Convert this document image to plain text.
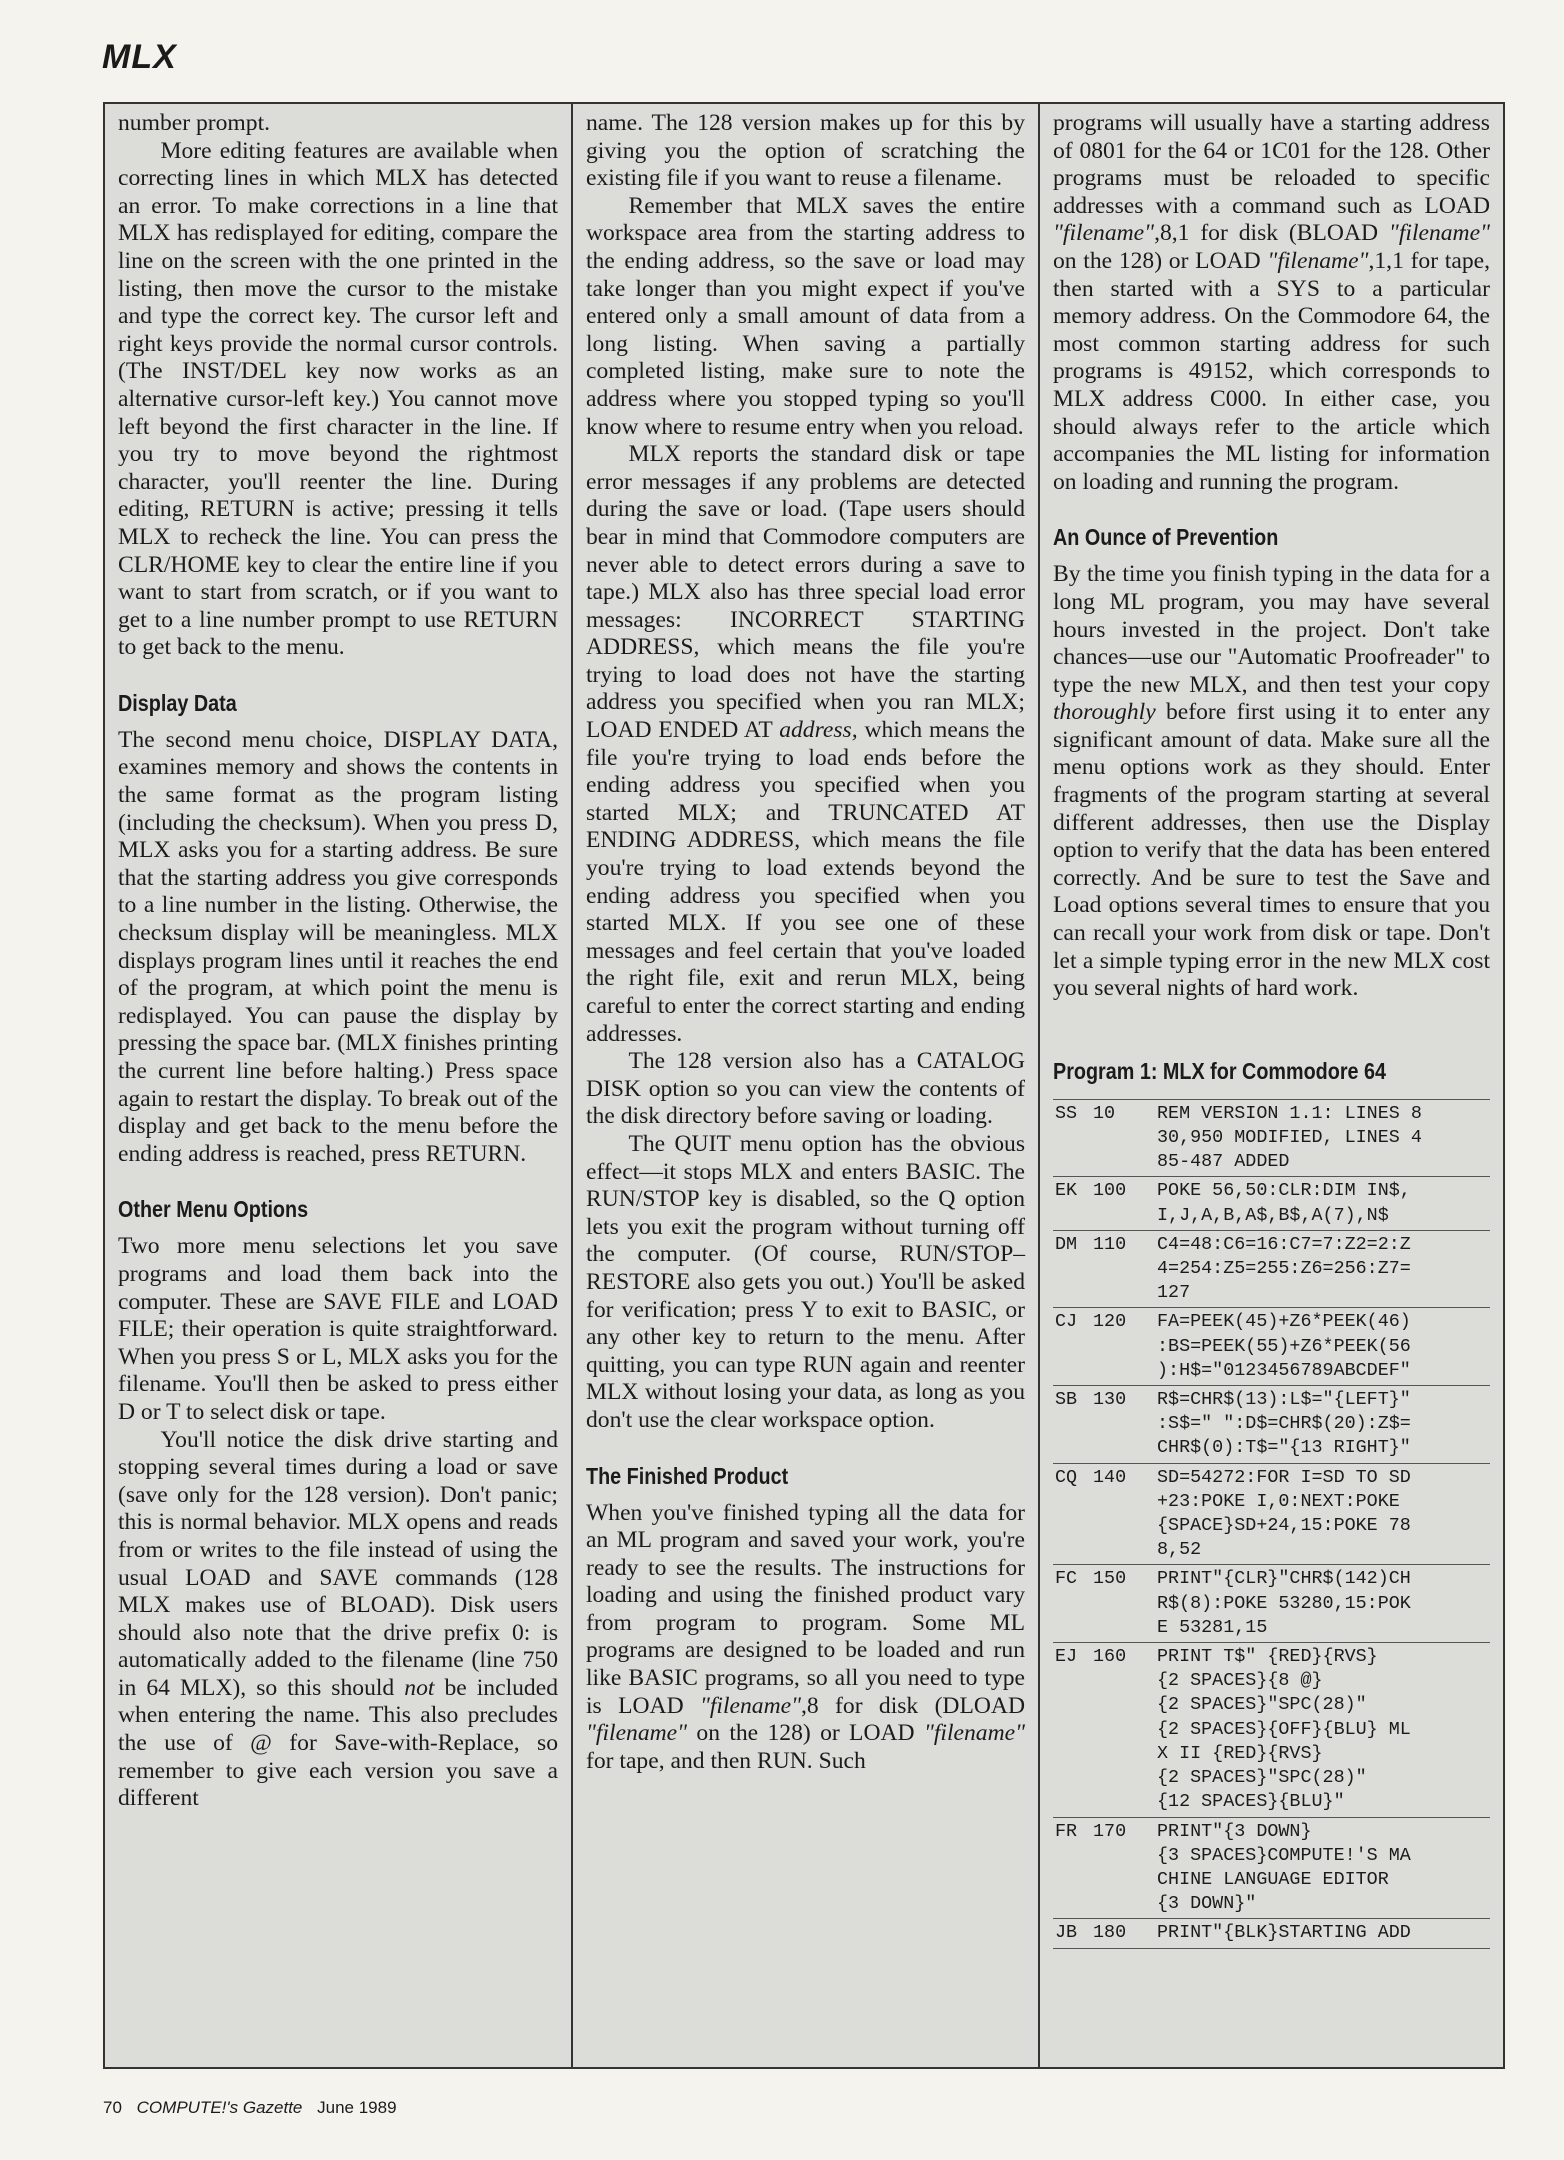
MLX

number prompt.

More editing features are available when correcting lines in which MLX has detected an error. To make corrections in a line that MLX has redisplayed for editing, compare the line on the screen with the one printed in the listing, then move the cursor to the mistake and type the correct key. The cursor left and right keys provide the normal cursor controls. (The INST/DEL key now works as an alternative cursor-left key.) You cannot move left beyond the first character in the line. If you try to move beyond the rightmost character, you'll reenter the line. During editing, RETURN is active; pressing it tells MLX to recheck the line. You can press the CLR/HOME key to clear the entire line if you want to start from scratch, or if you want to get to a line number prompt to use RETURN to get back to the menu.

Display Data

The second menu choice, DISPLAY DATA, examines memory and shows the contents in the same format as the program listing (including the checksum). When you press D, MLX asks you for a starting address. Be sure that the starting address you give corresponds to a line number in the listing. Otherwise, the checksum display will be meaningless. MLX displays program lines until it reaches the end of the program, at which point the menu is redisplayed. You can pause the display by pressing the space bar. (MLX finishes printing the current line before halting.) Press space again to restart the display. To break out of the display and get back to the menu before the ending address is reached, press RETURN.

Other Menu Options

Two more menu selections let you save programs and load them back into the computer. These are SAVE FILE and LOAD FILE; their operation is quite straightforward. When you press S or L, MLX asks you for the filename. You'll then be asked to press either D or T to select disk or tape.

You'll notice the disk drive starting and stopping several times during a load or save (save only for the 128 version). Don't panic; this is normal behavior. MLX opens and reads from or writes to the file instead of using the usual LOAD and SAVE commands (128 MLX makes use of BLOAD). Disk users should also note that the drive prefix 0: is automatically added to the filename (line 750 in 64 MLX), so this should not be included when entering the name. This also precludes the use of @ for Save-with-Replace, so remember to give each version you save a different

name. The 128 version makes up for this by giving you the option of scratching the existing file if you want to reuse a filename.

Remember that MLX saves the entire workspace area from the starting address to the ending address, so the save or load may take longer than you might expect if you've entered only a small amount of data from a long listing. When saving a partially completed listing, make sure to note the address where you stopped typing so you'll know where to resume entry when you reload.

MLX reports the standard disk or tape error messages if any problems are detected during the save or load. (Tape users should bear in mind that Commodore computers are never able to detect errors during a save to tape.) MLX also has three special load error messages: INCORRECT STARTING ADDRESS, which means the file you're trying to load does not have the starting address you specified when you ran MLX; LOAD ENDED AT address, which means the file you're trying to load ends before the ending address you specified when you started MLX; and TRUNCATED AT ENDING ADDRESS, which means the file you're trying to load extends beyond the ending address you specified when you started MLX. If you see one of these messages and feel certain that you've loaded the right file, exit and rerun MLX, being careful to enter the correct starting and ending addresses.

The 128 version also has a CATALOG DISK option so you can view the contents of the disk directory before saving or loading.

The QUIT menu option has the obvious effect—it stops MLX and enters BASIC. The RUN/STOP key is disabled, so the Q option lets you exit the program without turning off the computer. (Of course, RUN/STOP–RESTORE also gets you out.) You'll be asked for verification; press Y to exit to BASIC, or any other key to return to the menu. After quitting, you can type RUN again and reenter MLX without losing your data, as long as you don't use the clear workspace option.

The Finished Product

When you've finished typing all the data for an ML program and saved your work, you're ready to see the results. The instructions for loading and using the finished product vary from program to program. Some ML programs are designed to be loaded and run like BASIC programs, so all you need to type is LOAD "filename",8 for disk (DLOAD "filename" on the 128) or LOAD "filename" for tape, and then RUN. Such

programs will usually have a starting address of 0801 for the 64 or 1C01 for the 128. Other programs must be reloaded to specific addresses with a command such as LOAD "filename",8,1 for disk (BLOAD "filename" on the 128) or LOAD "filename",1,1 for tape, then started with a SYS to a particular memory address. On the Commodore 64, the most common starting address for such programs is 49152, which corresponds to MLX address C000. In either case, you should always refer to the article which accompanies the ML listing for information on loading and running the program.

An Ounce of Prevention

By the time you finish typing in the data for a long ML program, you may have several hours invested in the project. Don't take chances—use our "Automatic Proofreader" to type the new MLX, and then test your copy thoroughly before first using it to enter any significant amount of data. Make sure all the menu options work as they should. Enter fragments of the program starting at several different addresses, then use the Display option to verify that the data has been entered correctly. And be sure to test the Save and Load options several times to ensure that you can recall your work from disk or tape. Don't let a simple typing error in the new MLX cost you several nights of hard work.

Program 1: MLX for Commodore 64
SS 10 REM VERSION 1.1: LINES 8
30,950 MODIFIED, LINES 4
85-487 ADDED
EK 100 POKE 56,50:CLR:DIM IN$,
I,J,A,B,A$,B$,A(7),N$
DM 110 C4=48:C6=16:C7=7:Z2=2:Z
4=254:Z5=255:Z6=256:Z7=
127
CJ 120 FA=PEEK(45)+Z6*PEEK(46)
:BS=PEEK(55)+Z6*PEEK(56
):H$="0123456789ABCDEF"
SB 130 R$=CHR$(13):L$="{LEFT}"
:S$=" ":D$=CHR$(20):Z$=
CHR$(0):T$="{13 RIGHT}"
CQ 140 SD=54272:FOR I=SD TO SD
+23:POKE I,0:NEXT:POKE
{SPACE}SD+24,15:POKE 78
8,52
FC 150 PRINT"{CLR}"CHR$(142)CH
R$(8):POKE 53280,15:POK
E 53281,15
EJ 160 PRINT T$" {RED}{RVS}
{2 SPACES}{8 @}
{2 SPACES}"SPC(28)"
{2 SPACES}{OFF}{BLU} ML
X II {RED}{RVS}
{2 SPACES}"SPC(28)"
{12 SPACES}{BLU}"
FR 170 PRINT"{3 DOWN}
{3 SPACES}COMPUTE!'S MA
CHINE LANGUAGE EDITOR
{3 DOWN}"
JB 180 PRINT"{BLK}STARTING ADD
70 COMPUTE!'s Gazette June 1989
